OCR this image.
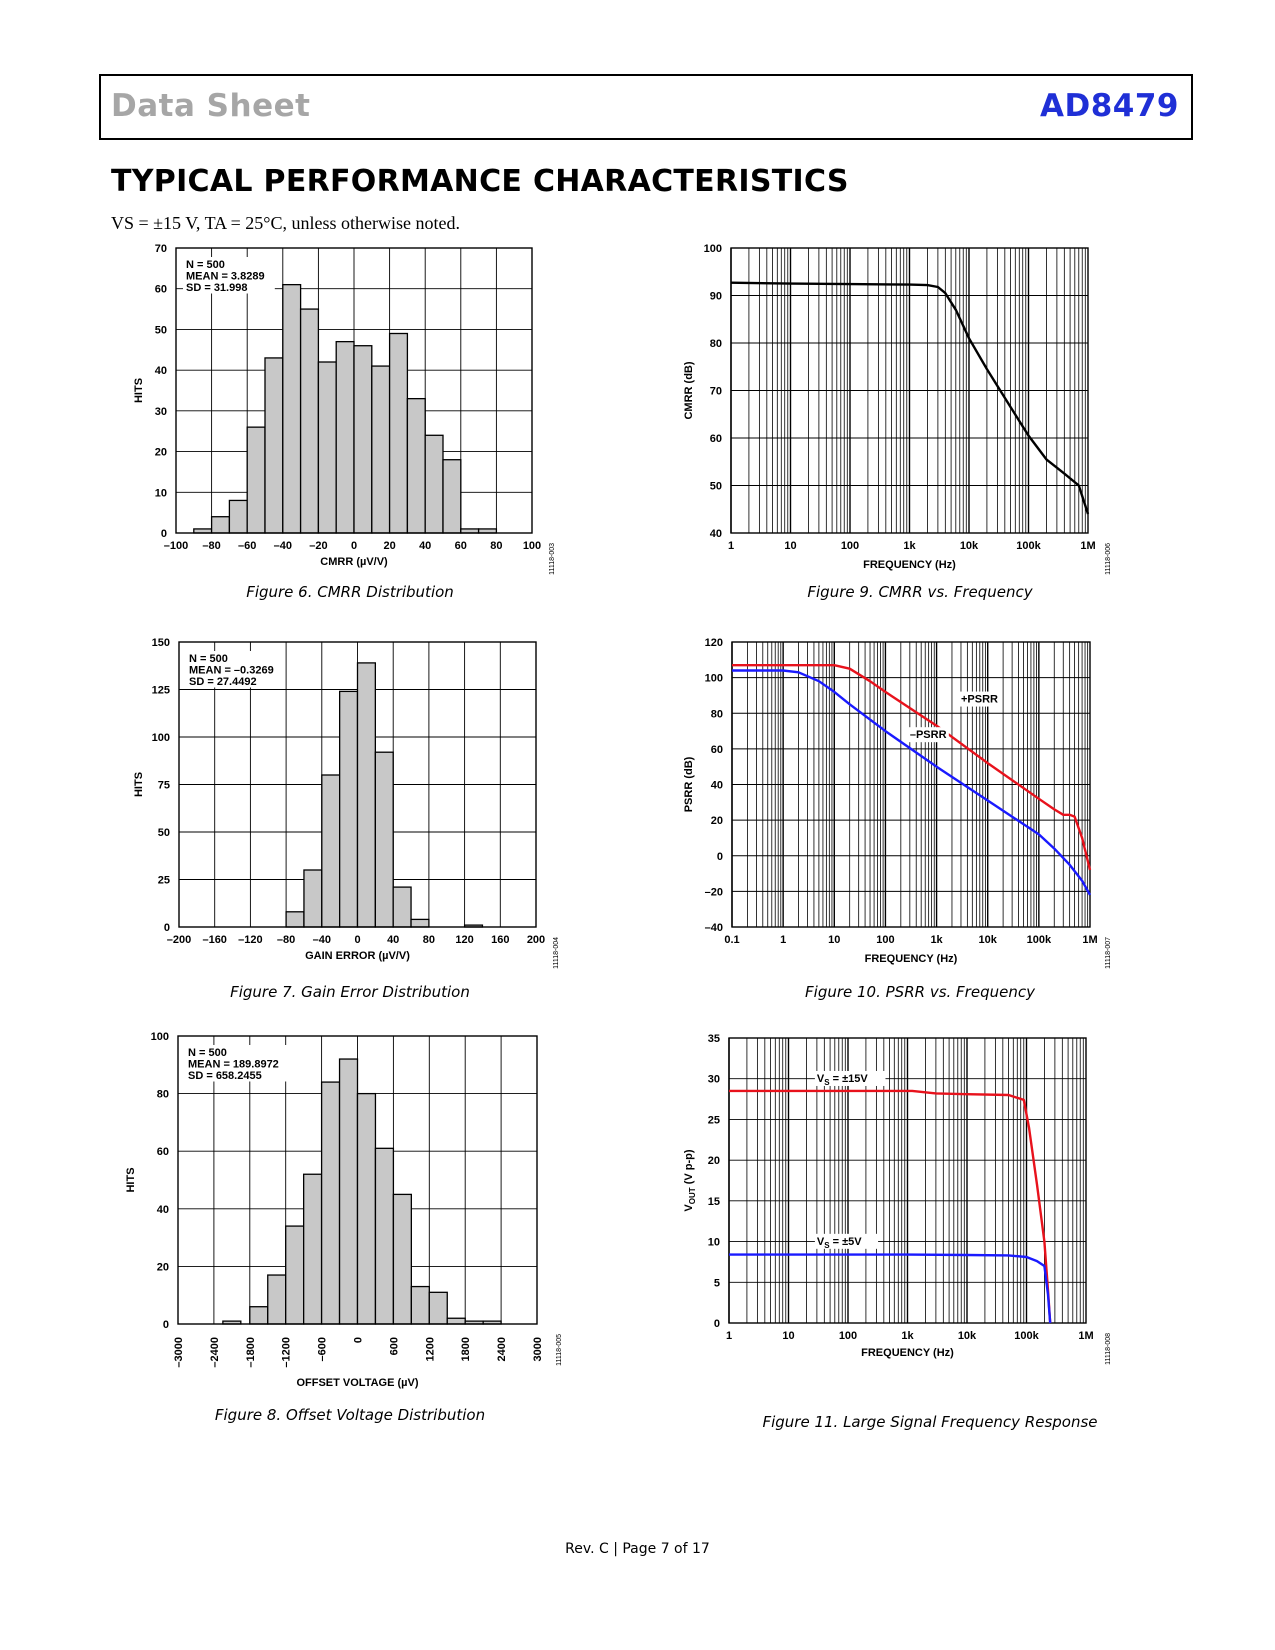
Data Sheet	AD8479
TYPICAL PERFORMANCE CHARACTERISTICS
VS = ±15 V, TA = 25°C, unless otherwise noted.
0
10
20
30
40
50
60
70
–100 –80 –60 –40 –20 0 20 40 60 80 100
CMRR (µV/V)
HITS
11118-003
N = 500
MEAN = 3.8289
SD = 31.998
Figure 6. CMRR Distribution
0
25
50
75
100
125
150
–200 –160 –120 –80 –40 0 40 80 120 160 200
GAIN ERROR (µV/V)
HITS
11118-004
N = 500
MEAN = –0.3269
SD = 27.4492
Figure 7. Gain Error Distribution
0
20
40
60
80
100
–3000 –2400 –1800 –1200 –600 0 600 1200 1800 2400 3000
OFFSET VOLTAGE (µV)
HITS
11118-005
N = 500
MEAN = 189.8972
SD = 658.2455
Figure 8. Offset Voltage Distribution
40
50
60
70
80
90
100
1	10	100	1k	10k	100k	1M
FREQUENCY (Hz)
CMRR (dB)
11118-006
Figure 9. CMRR vs. Frequency
–40
–20
0
20
40
60
80
100
120
0.1	1	10	100	1k	10k	100k	1M
FREQUENCY (Hz)
PSRR (dB)
11118-007
+PSRR
–PSRR
Figure 10. PSRR vs. Frequency
0
5
10
15
20
25
30
35
1	10	100	1k	10k	100k	1M
FREQUENCY (Hz)
$V_{OUT}$ (V p-p)
11118-008
$V_S = \pm 15V$
$V_S = \pm 5V$
Figure 11. Large Signal Frequency Response
Rev. C | Page 7 of 17
